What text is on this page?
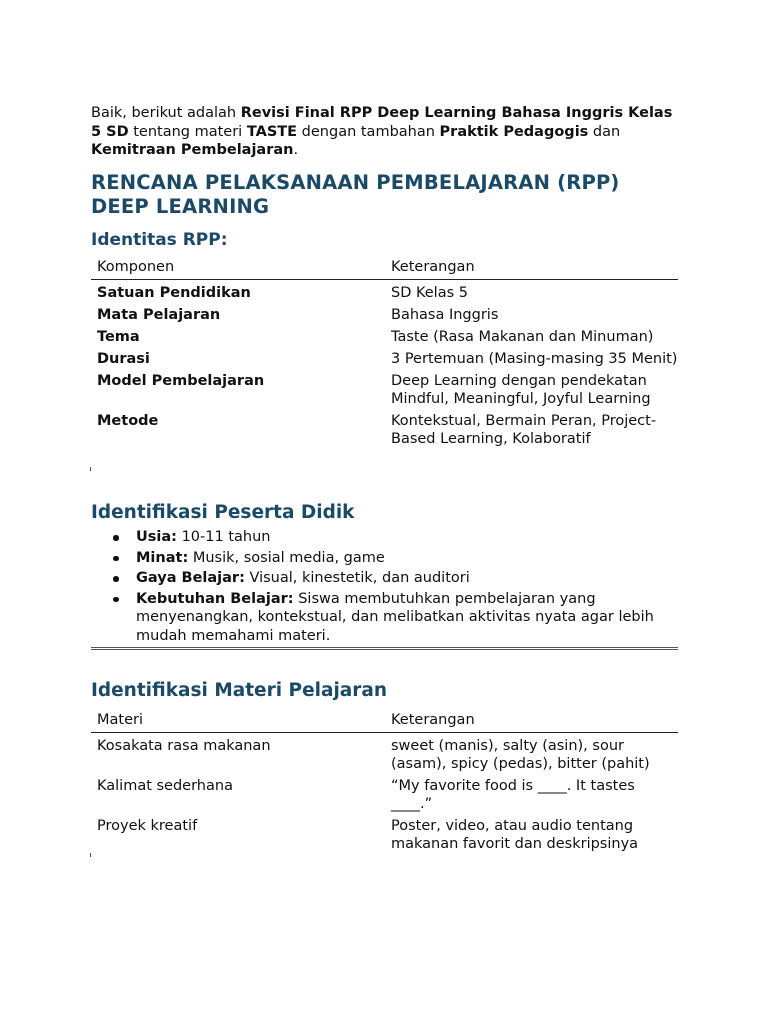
Baik, berikut adalah Revisi Final RPP Deep Learning Bahasa Inggris Kelas 5 SD tentang materi TASTE dengan tambahan Praktik Pedagogis dan Kemitraan Pembelajaran.
RENCANA PELAKSANAAN PEMBELAJARAN (RPP) DEEP LEARNING
Identitas RPP:
Komponen	Keterangan
Satuan Pendidikan	SD Kelas 5
Mata Pelajaran	Bahasa Inggris
Tema	Taste (Rasa Makanan dan Minuman)
Durasi	3 Pertemuan (Masing-masing 35 Menit)
Model Pembelajaran	Deep Learning dengan pendekatan Mindful, Meaningful, Joyful Learning
Metode	Kontekstual, Bermain Peran, Project-Based Learning, Kolaboratif
Identifikasi Peserta Didik
Usia: 10-11 tahun
Minat: Musik, sosial media, game
Gaya Belajar: Visual, kinestetik, dan auditori
Kebutuhan Belajar: Siswa membutuhkan pembelajaran yang menyenangkan, kontekstual, dan melibatkan aktivitas nyata agar lebih mudah memahami materi.
Identifikasi Materi Pelajaran
Materi	Keterangan
Kosakata rasa makanan	sweet (manis), salty (asin), sour (asam), spicy (pedas), bitter (pahit)
Kalimat sederhana	“My favorite food is ____. It tastes ____.”
Proyek kreatif	Poster, video, atau audio tentang makanan favorit dan deskripsinya
